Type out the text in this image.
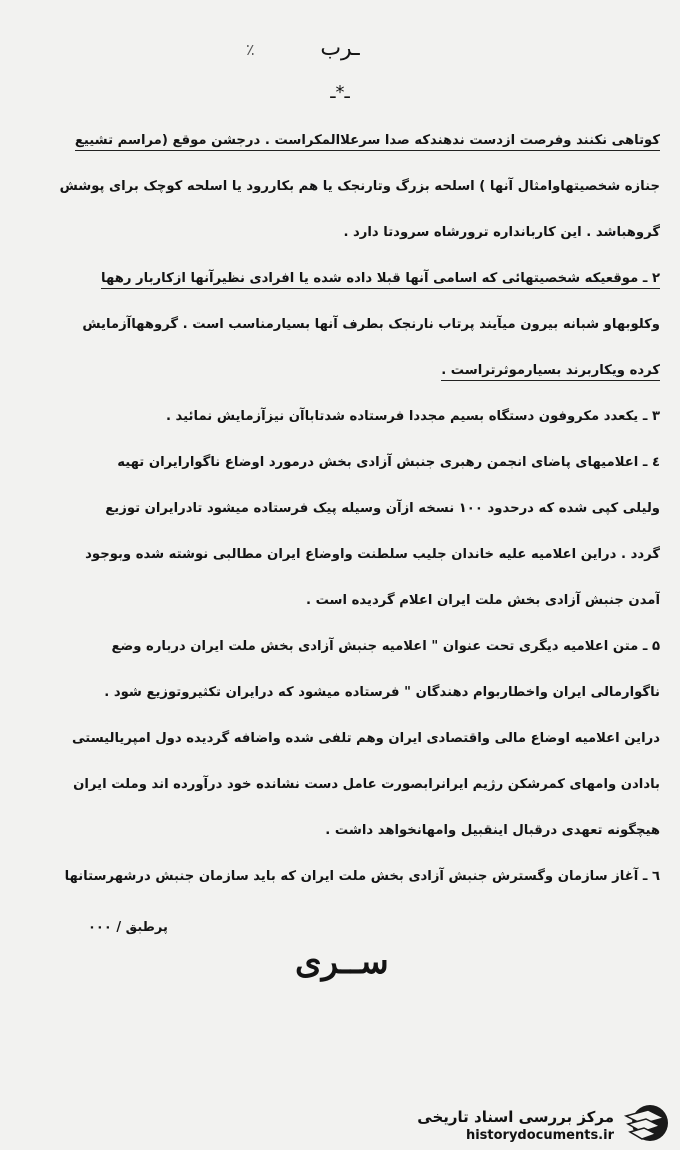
٪	ـرب
ـ*ـ
کوتاهی نکنند وفرصت ازدست ندهندکه صدا سرعلاالمکراست . درجشن موقع (مراسم تشییع
جنازه شخصیتهاوامثال آنها ) اسلحه بزرگ وتارنجک یا هم بکاررود یا اسلحه کوچک برای پوشش
گروهباشد . این کاربانداره ترورشاه سرودتا دارد .
۲ ـ موقعیکه شخصیتهائی که اسامی آنها قبلا داده شده یا افرادی نظیرآنها ازکاربار رهها
وکلوبهاو شبانه بیرون میآیند پرتاب نارنجک بطرف آنها بسیارمناسب است . گروههاآزمایش
کرده ویکاربرند بسیارموثرتراست .
۳ ـ یکعدد مکروفون دستگاه بسیم مجددا فرستاده شدتاباآن نیزآزمایش نمائید .
٤ ـ اعلامیهای پاضای انجمن رهبری جنبش آزادی بخش درمورد اوضاع ناگوارایران تهیه
ولیلی کپی شده که درحدود ۱۰۰ نسخه ازآن وسیله پیک فرستاده میشود تادرایران توزیع
گردد . دراین اعلامیه علیه خاندان جلیب سلطنت واوضاع ایران مطالبی نوشته شده وبوجود
آمدن جنبش آزادی بخش ملت ایران اعلام گردیده است .
۵ ـ متن اعلامیه دیگری تحت عنوان " اعلامیه جنبش آزادی بخش ملت ایران درباره وضع
ناگوارمالی ایران واخطاربوام دهندگان " فرستاده میشود که درایران تکثیروتوزیع شود .
دراین اعلامیه اوضاع مالی واقتصادی ایران وهم تلفی شده واضافه گردیده دول امپریالیستی
بادادن وامهای کمرشکن رژیم ایرانرابصورت عامل دست نشانده خود درآورده اند وملت ایران
هیچگونه تعهدی درقبال اینقبیل وامهانخواهد داشت .
٦ ـ آغاز سازمان وگسترش جنبش آزادی بخش ملت ایران که باید سازمان جنبش درشهرستانها
پرطبق / ۰۰۰
ســری
مرکز بررسی اسناد تاریخی
historydocuments.ir
